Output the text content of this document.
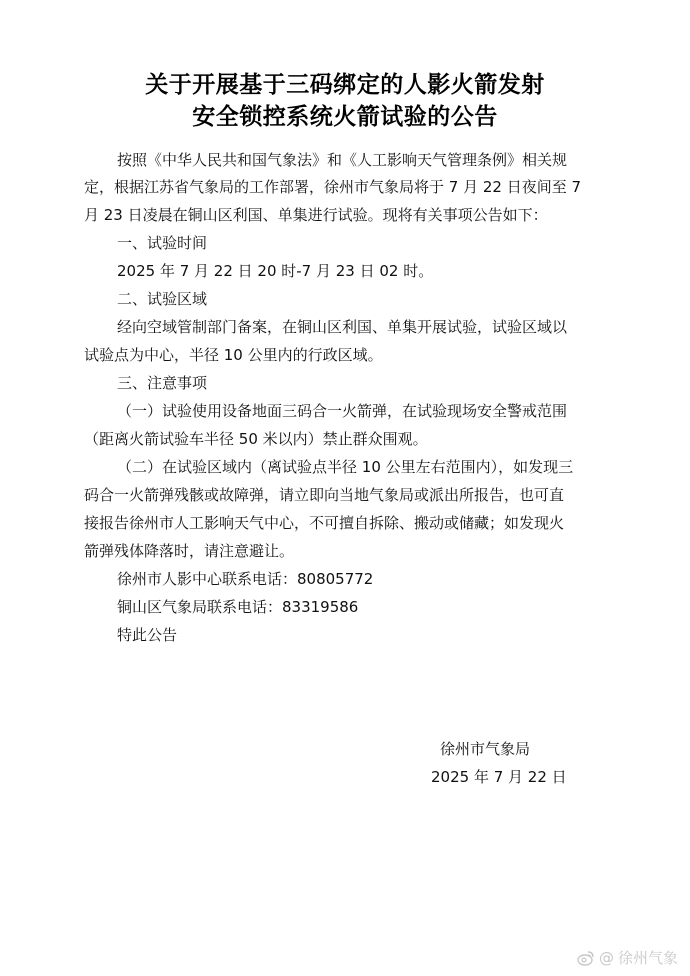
关于开展基于三码绑定的人影火箭发射
安全锁控系统火箭试验的公告
按照《中华人民共和国气象法》和《人工影响天气管理条例》相关规
定，根据江苏省气象局的工作部署，徐州市气象局将于 7 月 22 日夜间至 7
月 23 日凌晨在铜山区利国、单集进行试验。现将有关事项公告如下：
一、试验时间
2025 年 7 月 22 日 20 时-7 月 23 日 02 时。
二、试验区域
经向空域管制部门备案，在铜山区利国、单集开展试验，试验区域以
试验点为中心，半径 10 公里内的行政区域。
三、注意事项
（一）试验使用设备地面三码合一火箭弹，在试验现场安全警戒范围
（距离火箭试验车半径 50 米以内）禁止群众围观。
（二）在试验区域内（离试验点半径 10 公里左右范围内），如发现三
码合一火箭弹残骸或故障弹，请立即向当地气象局或派出所报告，也可直
接报告徐州市人工影响天气中心，不可擅自拆除、搬动或储藏；如发现火
箭弹残体降落时，请注意避让。
徐州市人影中心联系电话：80805772
铜山区气象局联系电话：83319586
特此公告
徐州市气象局
2025 年 7 月 22 日
@ 徐州气象
